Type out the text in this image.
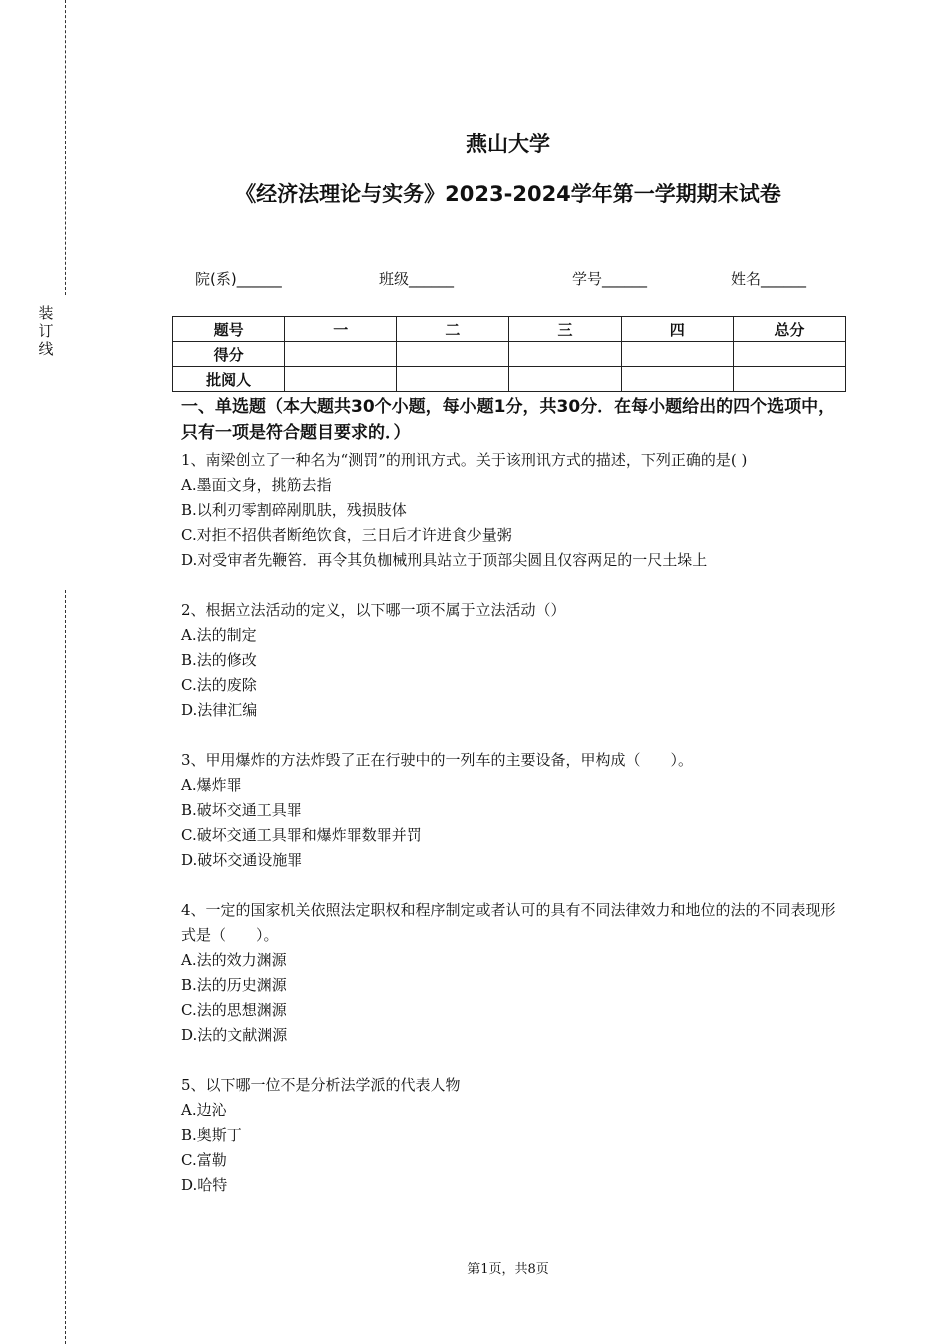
装
订
线
燕山大学
《经济法理论与实务》2023-2024学年第一学期期末试卷
院(系)______	班级______	学号______	姓名______
题号	一	二	三	四	总分
得分					
批阅人					

一、单选题（本大题共30个小题，每小题1分，共30分．在每小题给出的四个选项中，只有一项是符合题目要求的．）

1、南梁创立了一种名为“测罚”的刑讯方式。关于该刑讯方式的描述，下列正确的是( )

A.墨面文身，挑筋去指

B.以利刃零割碎剐肌肤，残损肢体

C.对拒不招供者断绝饮食，三日后才许进食少量粥

D.对受审者先鞭笞．再令其负枷械刑具站立于顶部尖圆且仅容两足的一尺土垛上

2、根据立法活动的定义，以下哪一项不属于立法活动（）

A.法的制定

B.法的修改

C.法的废除

D.法律汇编

3、甲用爆炸的方法炸毁了正在行驶中的一列车的主要设备，甲构成（　　）。

A.爆炸罪

B.破坏交通工具罪

C.破坏交通工具罪和爆炸罪数罪并罚

D.破坏交通设施罪

4、一定的国家机关依照法定职权和程序制定或者认可的具有不同法律效力和地位的法的不同表现形式是（　　）。

A.法的效力渊源

B.法的历史渊源

C.法的思想渊源

D.法的文献渊源

5、以下哪一位不是分析法学派的代表人物

A.边沁

B.奥斯丁

C.富勒

D.哈特

第1页，共8页
